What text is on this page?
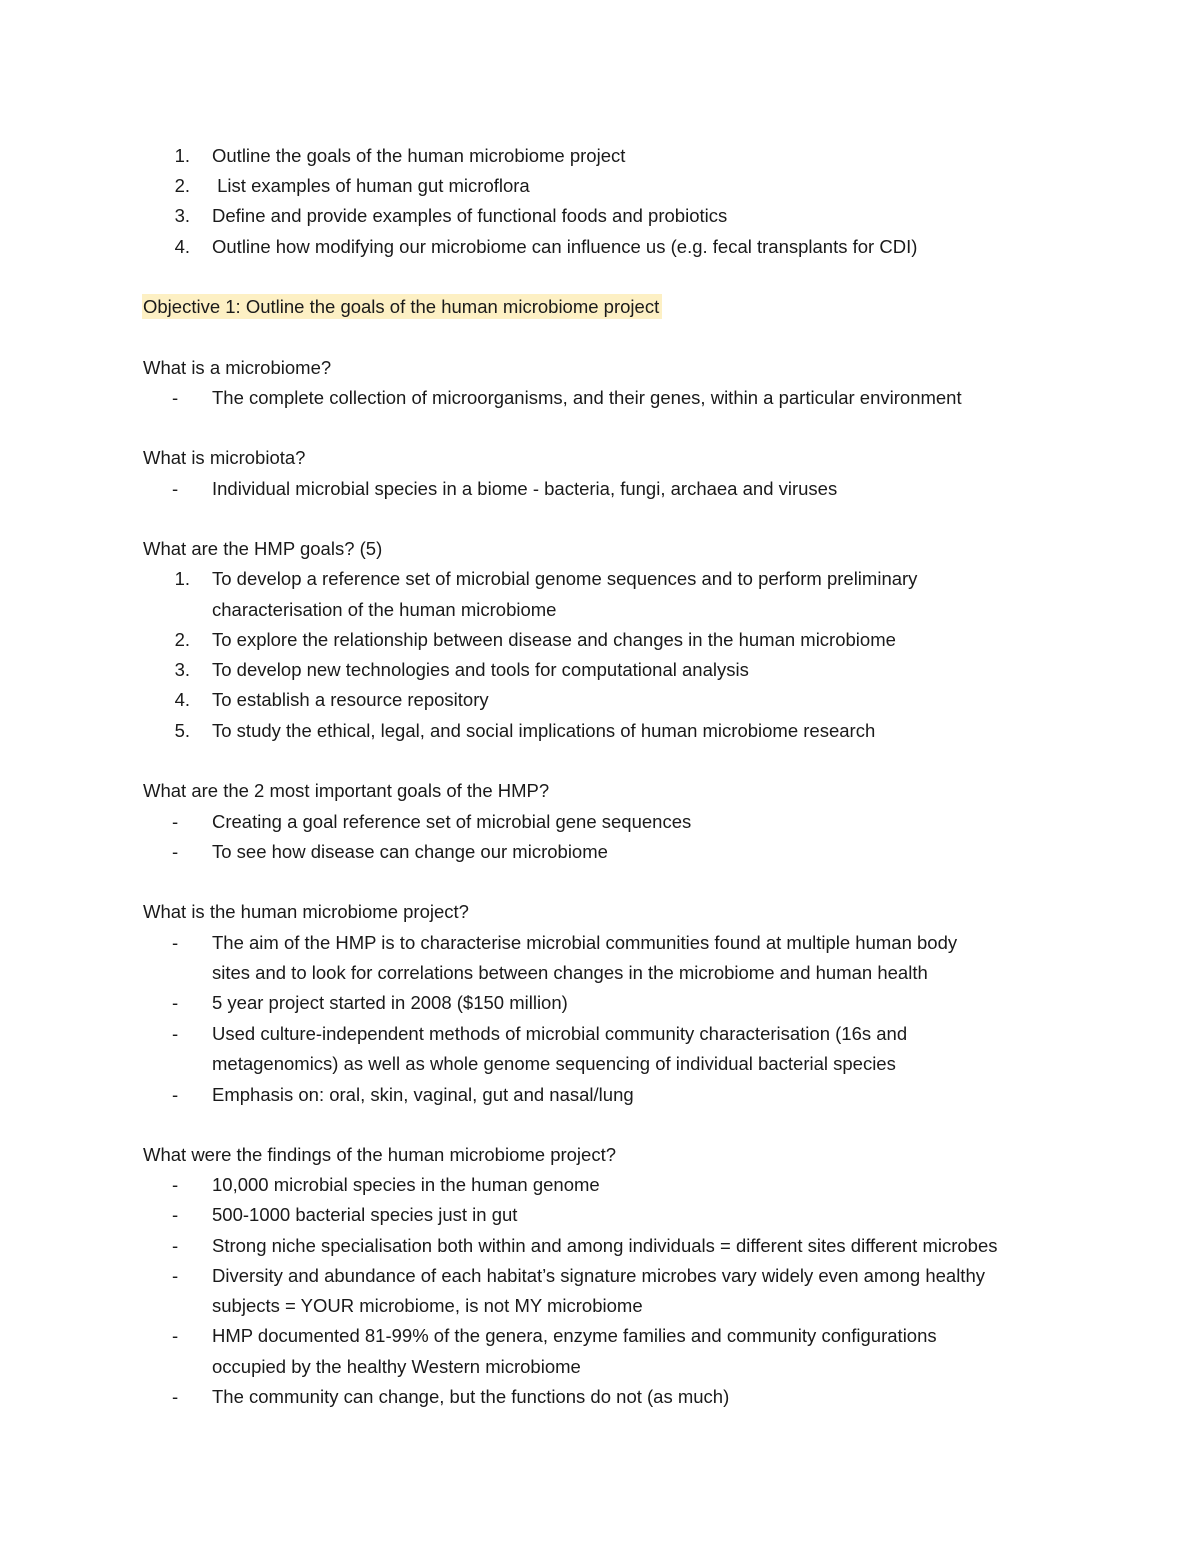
1. Outline the goals of the human microbiome project
2. List examples of human gut microflora
3. Define and provide examples of functional foods and probiotics
4. Outline how modifying our microbiome can influence us (e.g. fecal transplants for CDI)
Objective 1: Outline the goals of the human microbiome project
What is a microbiome?
- The complete collection of microorganisms, and their genes, within a particular environment
What is microbiota?
- Individual microbial species in a biome - bacteria, fungi, archaea and viruses
What are the HMP goals? (5)
1. To develop a reference set of microbial genome sequences and to perform preliminary
characterisation of the human microbiome
2. To explore the relationship between disease and changes in the human microbiome
3. To develop new technologies and tools for computational analysis
4. To establish a resource repository
5. To study the ethical, legal, and social implications of human microbiome research
What are the 2 most important goals of the HMP?
- Creating a goal reference set of microbial gene sequences
- To see how disease can change our microbiome
What is the human microbiome project?
- The aim of the HMP is to characterise microbial communities found at multiple human body
sites and to look for correlations between changes in the microbiome and human health
- 5 year project started in 2008 ($150 million)
- Used culture-independent methods of microbial community characterisation (16s and
metagenomics) as well as whole genome sequencing of individual bacterial species
- Emphasis on: oral, skin, vaginal, gut and nasal/lung
What were the findings of the human microbiome project?
- 10,000 microbial species in the human genome
- 500-1000 bacterial species just in gut
- Strong niche specialisation both within and among individuals = different sites different microbes
- Diversity and abundance of each habitat’s signature microbes vary widely even among healthy
subjects = YOUR microbiome, is not MY microbiome
- HMP documented 81-99% of the genera, enzyme families and community configurations
occupied by the healthy Western microbiome
- The community can change, but the functions do not (as much)
